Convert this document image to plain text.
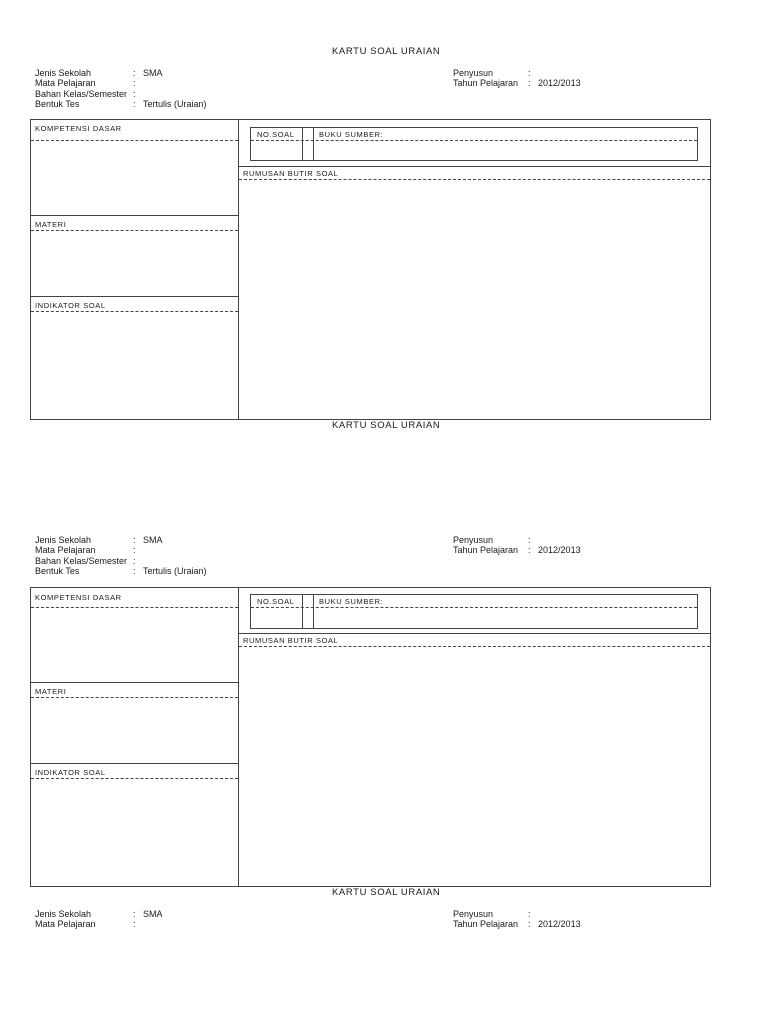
KARTU SOAL URAIAN
Jenis Sekolah	: SMA
Mata Pelajaran	:
Bahan Kelas/Semester :
Bentuk Tes	: Tertulis (Uraian)
Penyusun	:
Tahun Pelajaran : 2012/2013
KOMPETENSI DASAR
MATERI
INDIKATOR SOAL
NO.SOAL	BUKU SUMBER:
RUMUSAN BUTIR SOAL
KARTU SOAL URAIAN
Jenis Sekolah	: SMA
Mata Pelajaran	:
Bahan Kelas/Semester :
Bentuk Tes	: Tertulis (Uraian)
Penyusun	:
Tahun Pelajaran : 2012/2013
KOMPETENSI DASAR
MATERI
INDIKATOR SOAL
NO.SOAL	BUKU SUMBER:
RUMUSAN BUTIR SOAL
KARTU SOAL URAIAN
Jenis Sekolah	: SMA
Mata Pelajaran	:
Penyusun	:
Tahun Pelajaran : 2012/2013
